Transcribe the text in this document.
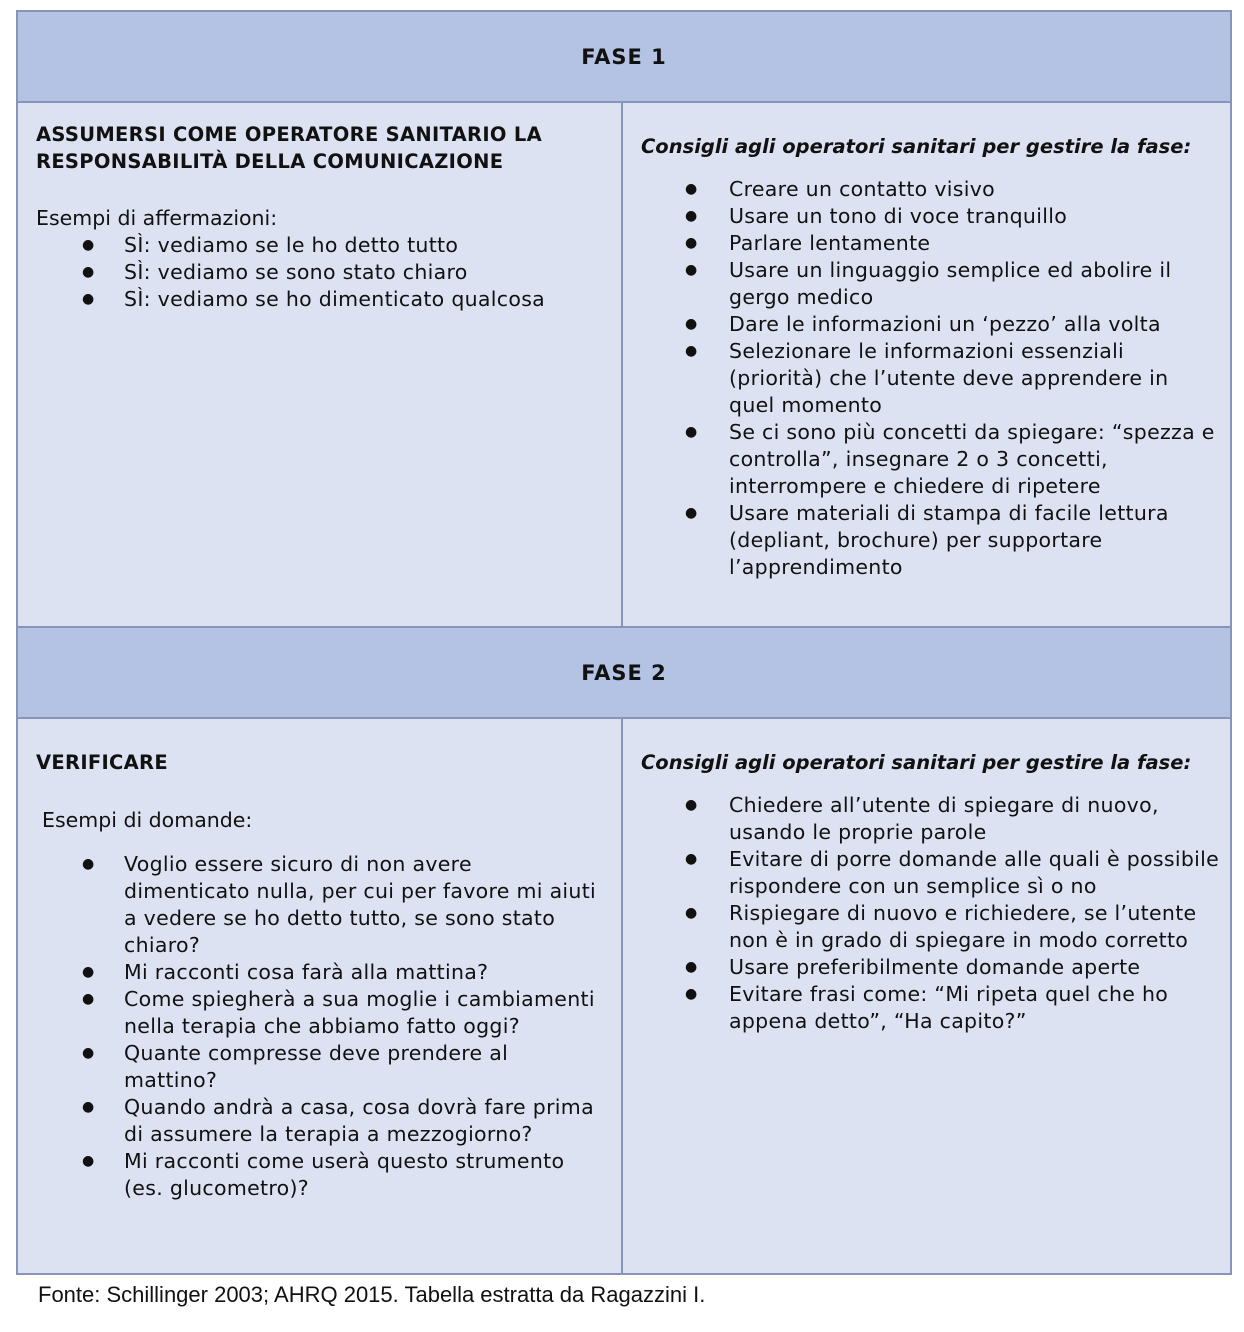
FASE 1

ASSUMERSI COME OPERATORE SANITARIO LA
RESPONSABILITÀ DELLA COMUNICAZIONE

Esempi di affermazioni:

● SÌ: vediamo se le ho detto tutto
● SÌ: vediamo se sono stato chiaro
● SÌ: vediamo se ho dimenticato qualcosa

Consigli agli operatori sanitari per gestire la fase:

● Creare un contatto visivo
● Usare un tono di voce tranquillo
● Parlare lentamente
● Usare un linguaggio semplice ed abolire il gergo medico
● Dare le informazioni un ‘pezzo’ alla volta
● Selezionare le informazioni essenziali (priorità) che l’utente deve apprendere in quel momento
● Se ci sono più concetti da spiegare: “spezza e controlla”, insegnare 2 o 3 concetti, interrompere e chiedere di ripetere
● Usare materiali di stampa di facile lettura (depliant, brochure) per supportare l’apprendimento
FASE 2

VERIFICARE

Esempi di domande:

● Voglio essere sicuro di non avere dimenticato nulla, per cui per favore mi aiuti a vedere se ho detto tutto, se sono stato chiaro?
● Mi racconti cosa farà alla mattina?
● Come spiegherà a sua moglie i cambiamenti nella terapia che abbiamo fatto oggi?
● Quante compresse deve prendere al mattino?
● Quando andrà a casa, cosa dovrà fare prima di assumere la terapia a mezzogiorno?
● Mi racconti come userà questo strumento (es. glucometro)?

Consigli agli operatori sanitari per gestire la fase:

● Chiedere all’utente di spiegare di nuovo, usando le proprie parole
● Evitare di porre domande alle quali è possibile rispondere con un semplice sì o no
● Rispiegare di nuovo e richiedere, se l’utente non è in grado di spiegare in modo corretto
● Usare preferibilmente domande aperte
● Evitare frasi come: “Mi ripeta quel che ho appena detto”, “Ha capito?”
Fonte: Schillinger 2003; AHRQ 2015. Tabella estratta da Ragazzini I.
